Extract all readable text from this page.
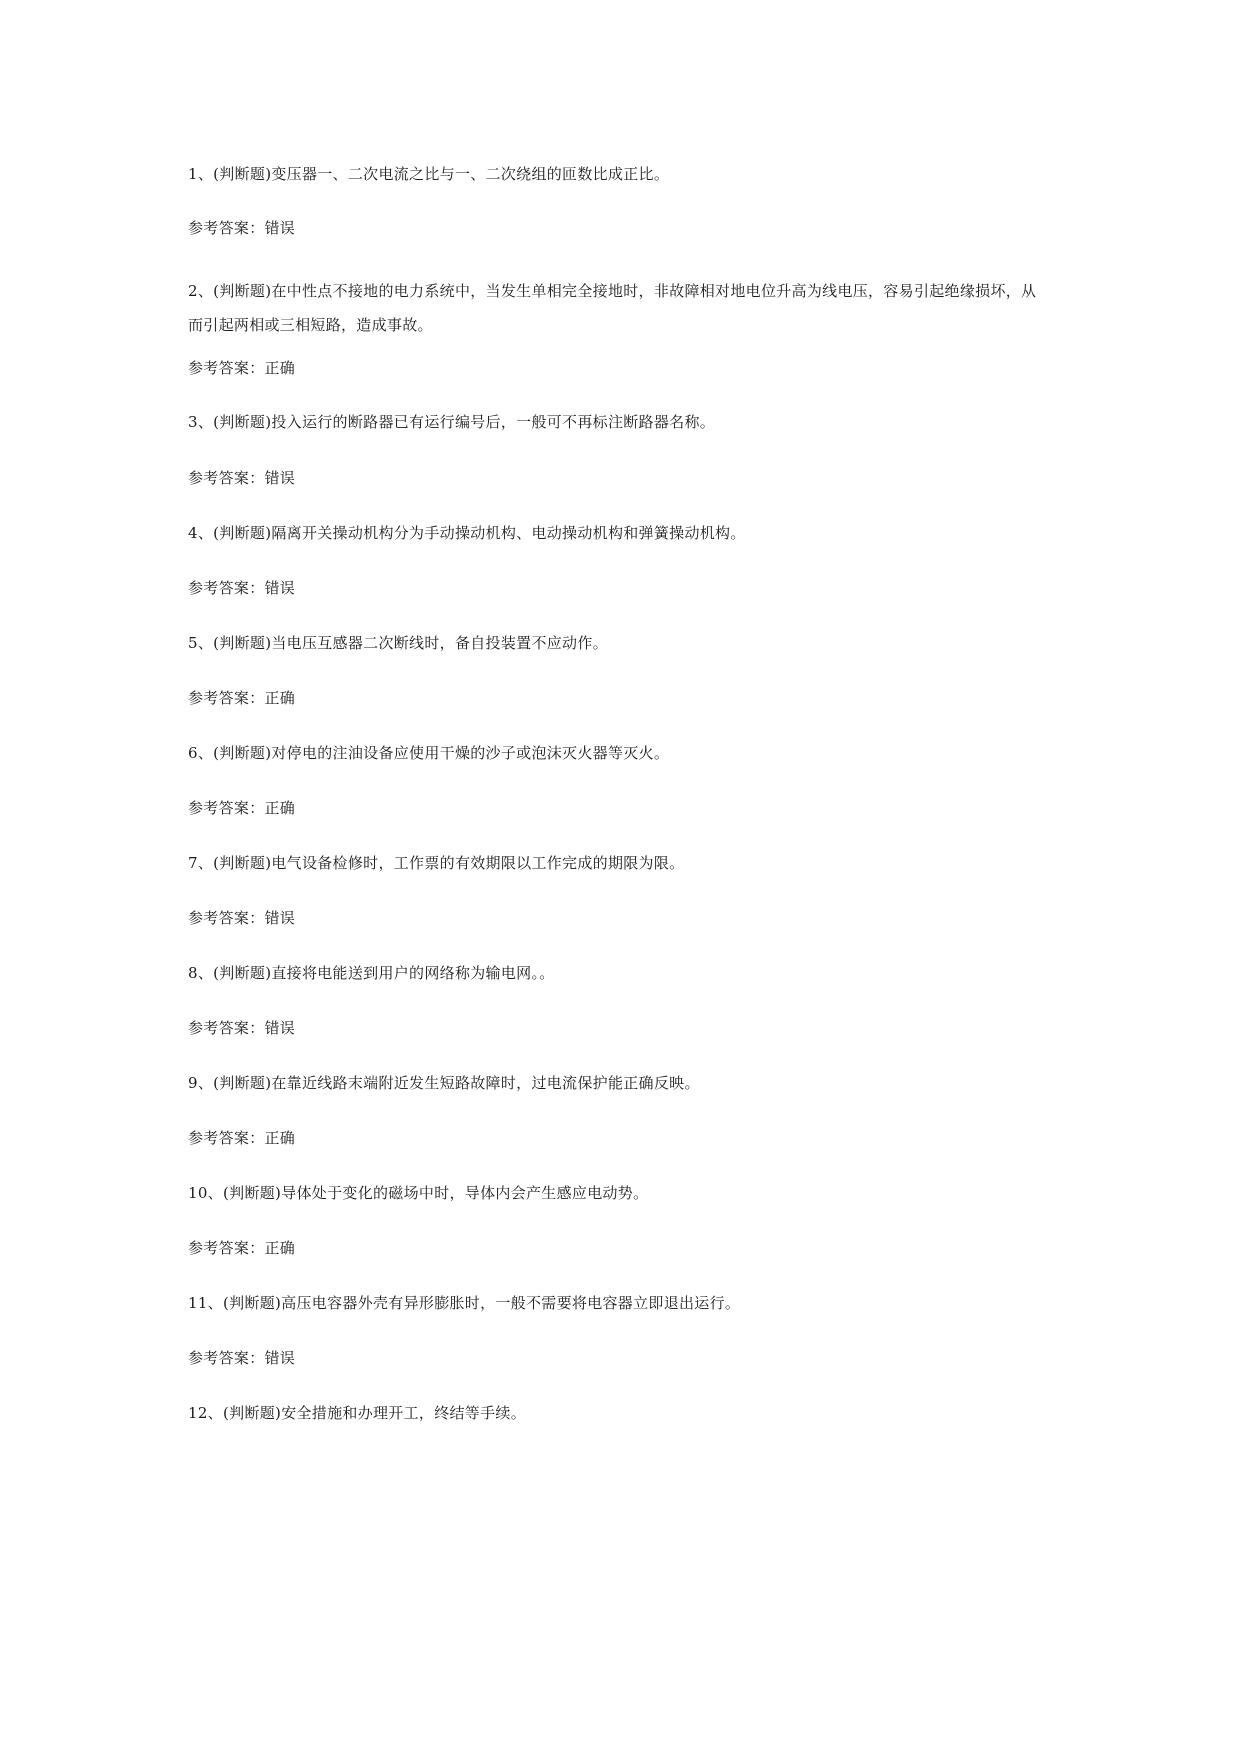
1、(判断题)变压器一、二次电流之比与一、二次绕组的匝数比成正比。

参考答案：错误

2、(判断题)在中性点不接地的电力系统中，当发生单相完全接地时，非故障相对地电位升高为线电压，容易引起绝缘损坏，从而引起两相或三相短路，造成事故。

参考答案：正确

3、(判断题)投入运行的断路器已有运行编号后，一般可不再标注断路器名称。

参考答案：错误

4、(判断题)隔离开关操动机构分为手动操动机构、电动操动机构和弹簧操动机构。

参考答案：错误

5、(判断题)当电压互感器二次断线时，备自投装置不应动作。

参考答案：正确

6、(判断题)对停电的注油设备应使用干燥的沙子或泡沫灭火器等灭火。

参考答案：正确

7、(判断题)电气设备检修时，工作票的有效期限以工作完成的期限为限。

参考答案：错误

8、(判断题)直接将电能送到用户的网络称为输电网。。

参考答案：错误

9、(判断题)在靠近线路末端附近发生短路故障时，过电流保护能正确反映。

参考答案：正确

10、(判断题)导体处于变化的磁场中时，导体内会产生感应电动势。

参考答案：正确

11、(判断题)高压电容器外壳有异形膨胀时，一般不需要将电容器立即退出运行。

参考答案：错误

12、(判断题)安全措施和办理开工，终结等手续。
